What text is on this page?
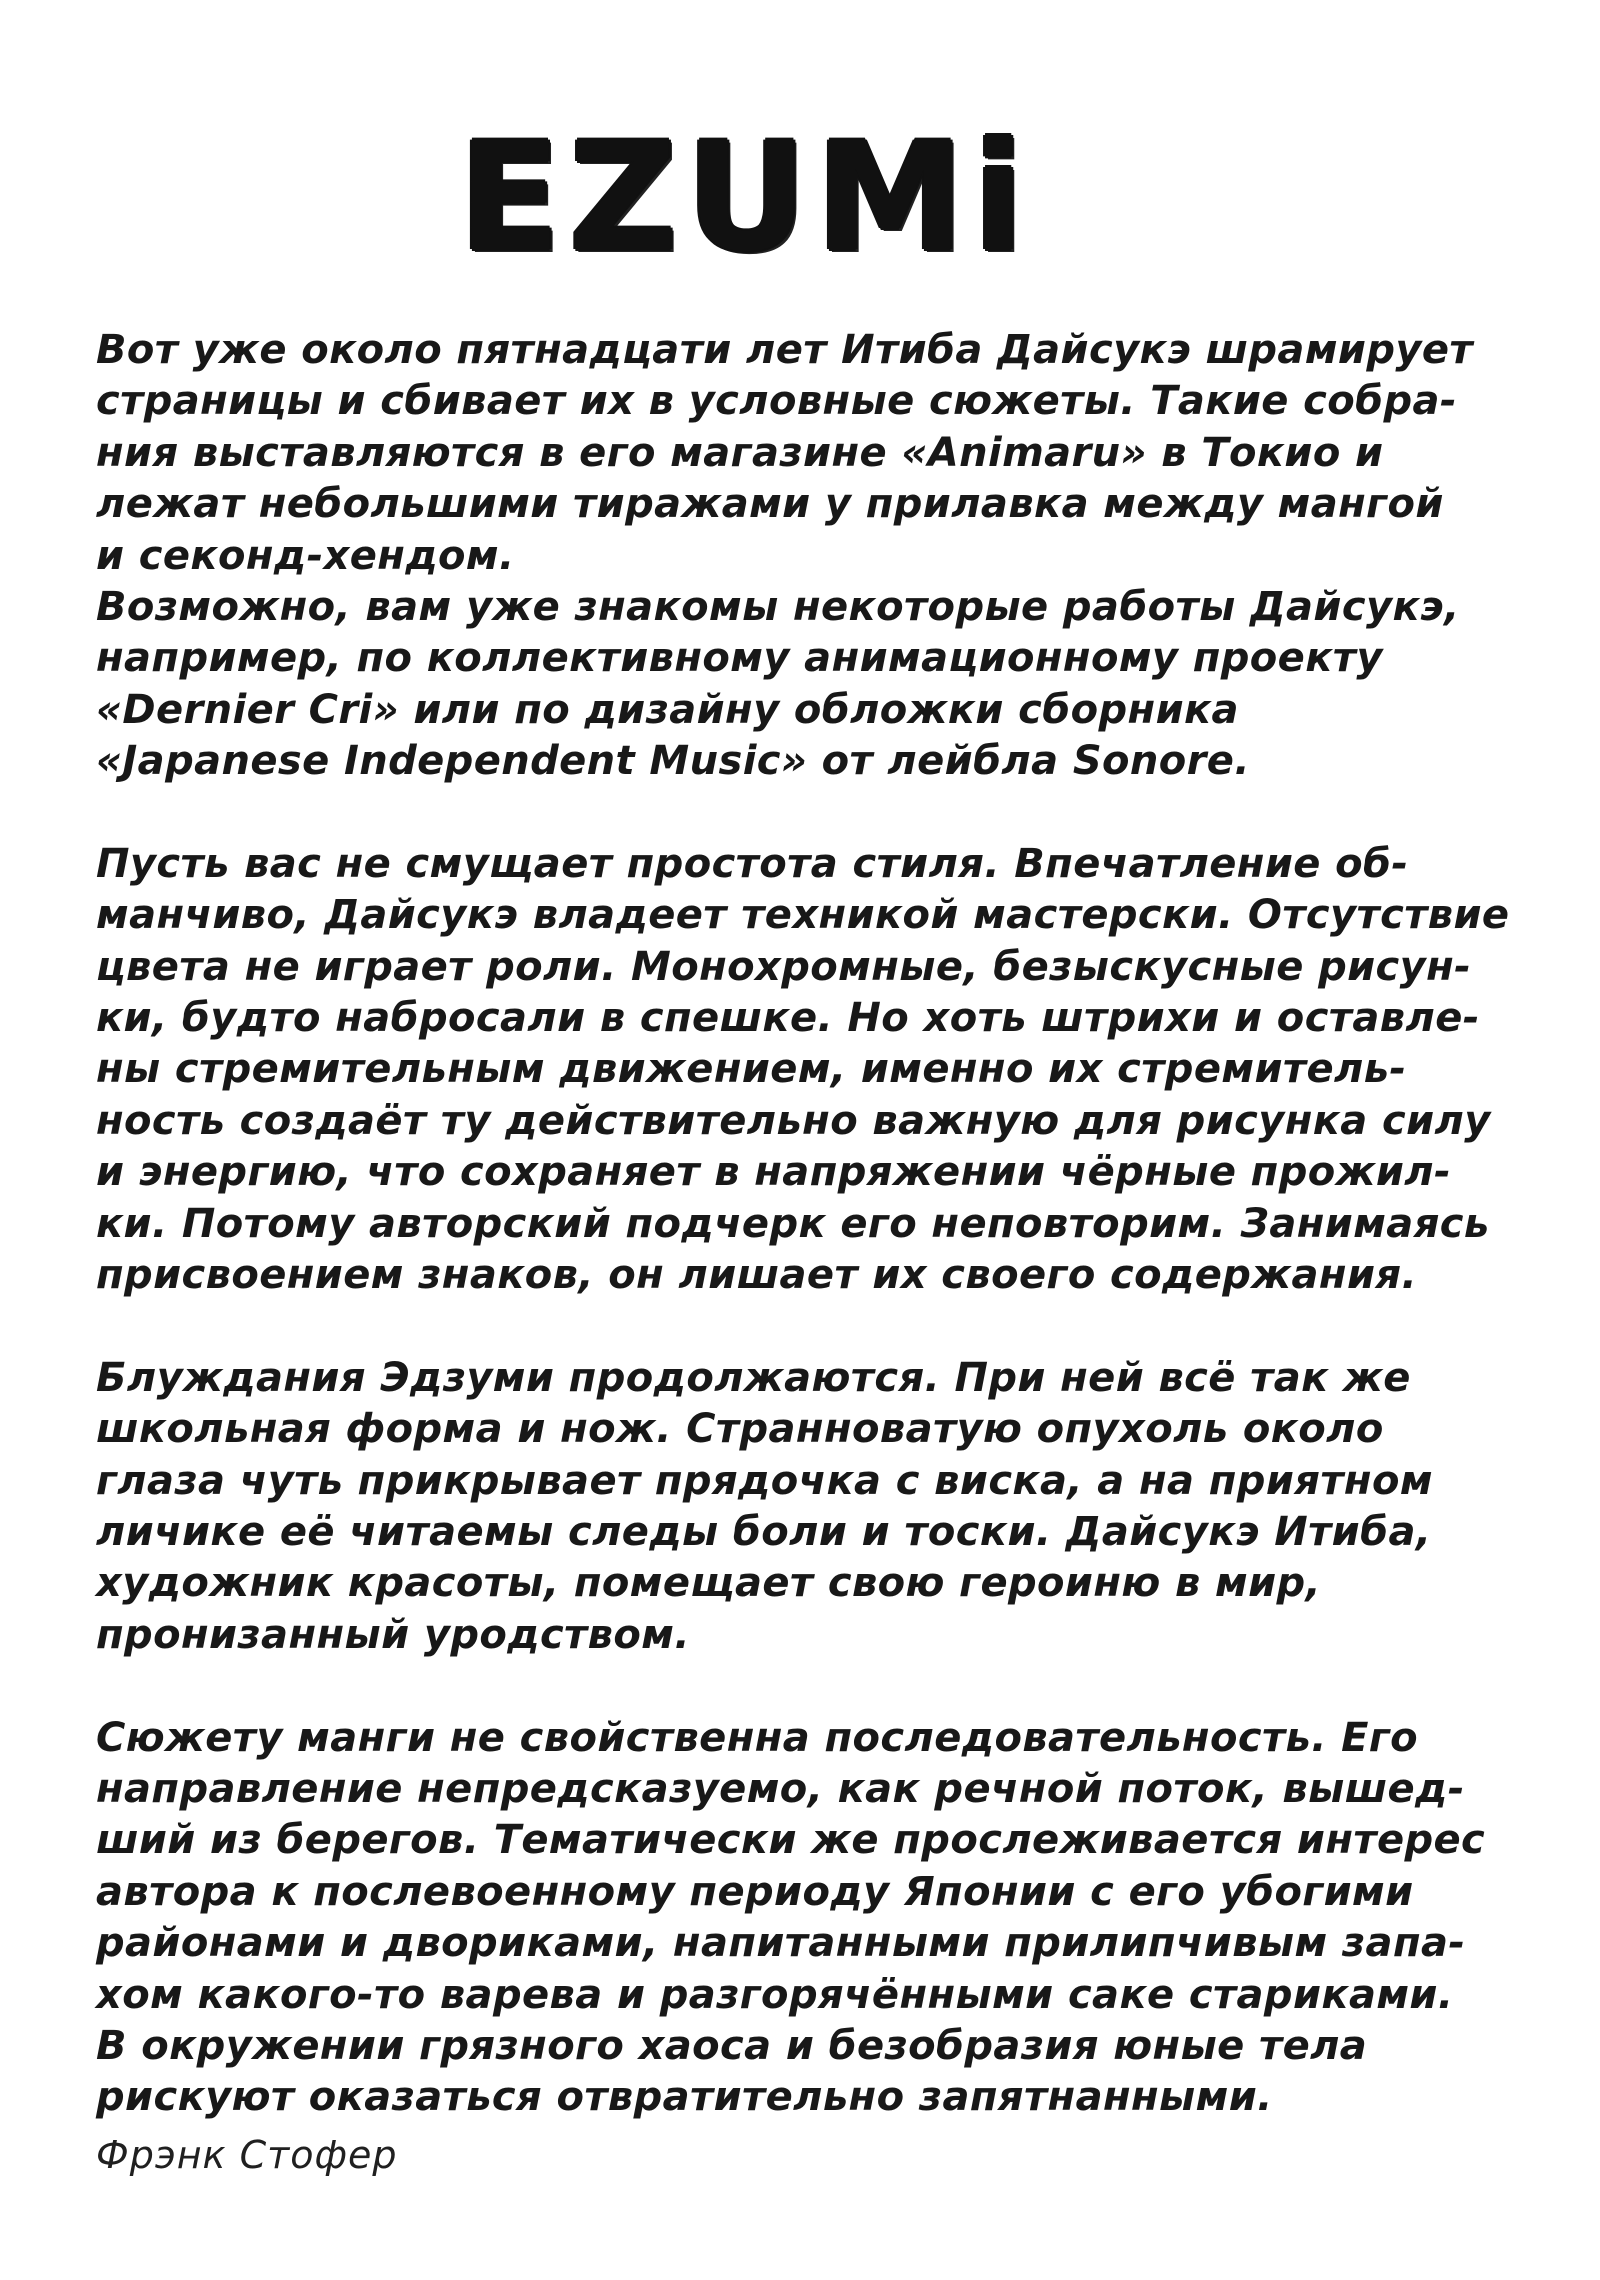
EZUMi
Вот уже около пятнадцати лет Итиба Дайсукэ шрамирует
страницы и сбивает их в условные сюжеты. Такие собра-
ния выставляются в его магазине «Animaru» в Токио и
лежат небольшими тиражами у прилавка между мангой
и секонд-хендом.
Возможно, вам уже знакомы некоторые работы Дайсукэ,
например, по коллективному анимационному проекту
«Dernier Cri» или по дизайну обложки сборника
«Japanese Independent Music» от лейбла Sonore.
Пусть вас не смущает простота стиля. Впечатление об-
манчиво, Дайсукэ владеет техникой мастерски. Отсутствие
цвета не играет роли. Монохромные, безыскусные рисун-
ки, будто набросали в спешке. Но хоть штрихи и оставле-
ны стремительным движением, именно их стремитель-
ность создаёт ту действительно важную для рисунка силу
и энергию, что сохраняет в напряжении чёрные прожил-
ки. Потому авторский подчерк его неповторим. Занимаясь
присвоением знаков, он лишает их своего содержания.
Блуждания Эдзуми продолжаются. При ней всё так же
школьная форма и нож. Странноватую опухоль около
глаза чуть прикрывает прядочка с виска, а на приятном
личике её читаемы следы боли и тоски. Дайсукэ Итиба,
художник красоты, помещает свою героиню в мир,
пронизанный уродством.
Сюжету манги не свойственна последовательность. Его
направление непредсказуемо, как речной поток, вышед-
ший из берегов. Тематически же прослеживается интерес
автора к послевоенному периоду Японии с его убогими
районами и двориками, напитанными прилипчивым запа-
хом какого-то варева и разгорячёнными саке стариками.
В окружении грязного хаоса и безобразия юные тела
рискуют оказаться отвратительно запятнанными.
Фрэнк Стофер
